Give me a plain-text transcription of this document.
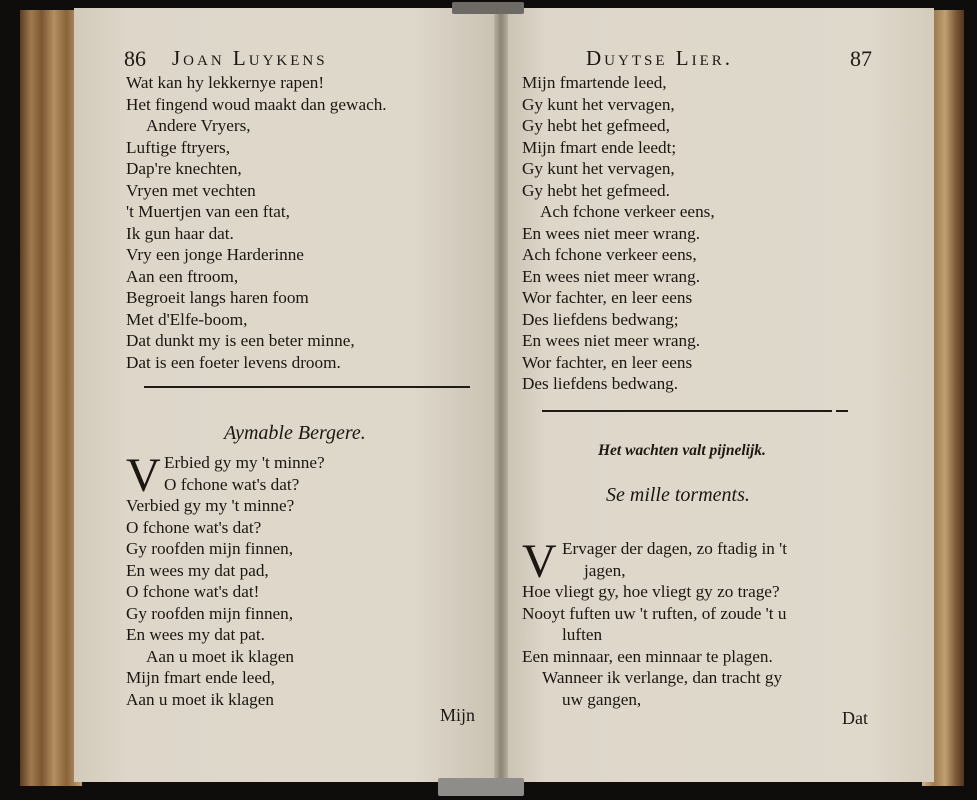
86 Joan Luykens
Wat kan hy lekkernye rapen!
Het fingend woud maakt dan gewach.
Andere Vryers,
Luftige ftryers,
Dap're knechten,
Vryen met vechten
't Muertjen van een ftat,
Ik gun haar dat.
Vry een jonge Harderinne
Aan een ftroom,
Begroeit langs haren foom
Met d'Elfe-boom,
Dat dunkt my is een beter minne,
Dat is een foeter levens droom.
Aymable Bergere.
V Erbied gy my 't minne?
O fchone wat's dat?
Verbied gy my 't minne?
O fchone wat's dat?
Gy roofden mijn finnen,
En wees my dat pad,
O fchone wat's dat!
Gy roofden mijn finnen,
En wees my dat pat.
Aan u moet ik klagen
Mijn fmart ende leed,
Aan u moet ik klagen
Mijn
Duytse Lier.	87
Mijn fmartende leed,
Gy kunt het vervagen,
Gy hebt het gefmeed,
Mijn fmart ende leedt;
Gy kunt het vervagen,
Gy hebt het gefmeed.
Ach fchone verkeer eens,
En wees niet meer wrang.
Ach fchone verkeer eens,
En wees niet meer wrang.
Wor fachter, en leer eens
Des liefdens bedwang;
En wees niet meer wrang.
Wor fachter, en leer eens
Des liefdens bedwang.
Het wachten valt pijnelijk.
Se mille torments.
V Ervager der dagen, zo ftadig in 't
jagen,
Hoe vliegt gy, hoe vliegt gy zo trage?
Nooyt fuften uw 't ruften, of zoude 't u
luften
Een minnaar, een minnaar te plagen.
Wanneer ik verlange, dan tracht gy
uw gangen,
Dat
